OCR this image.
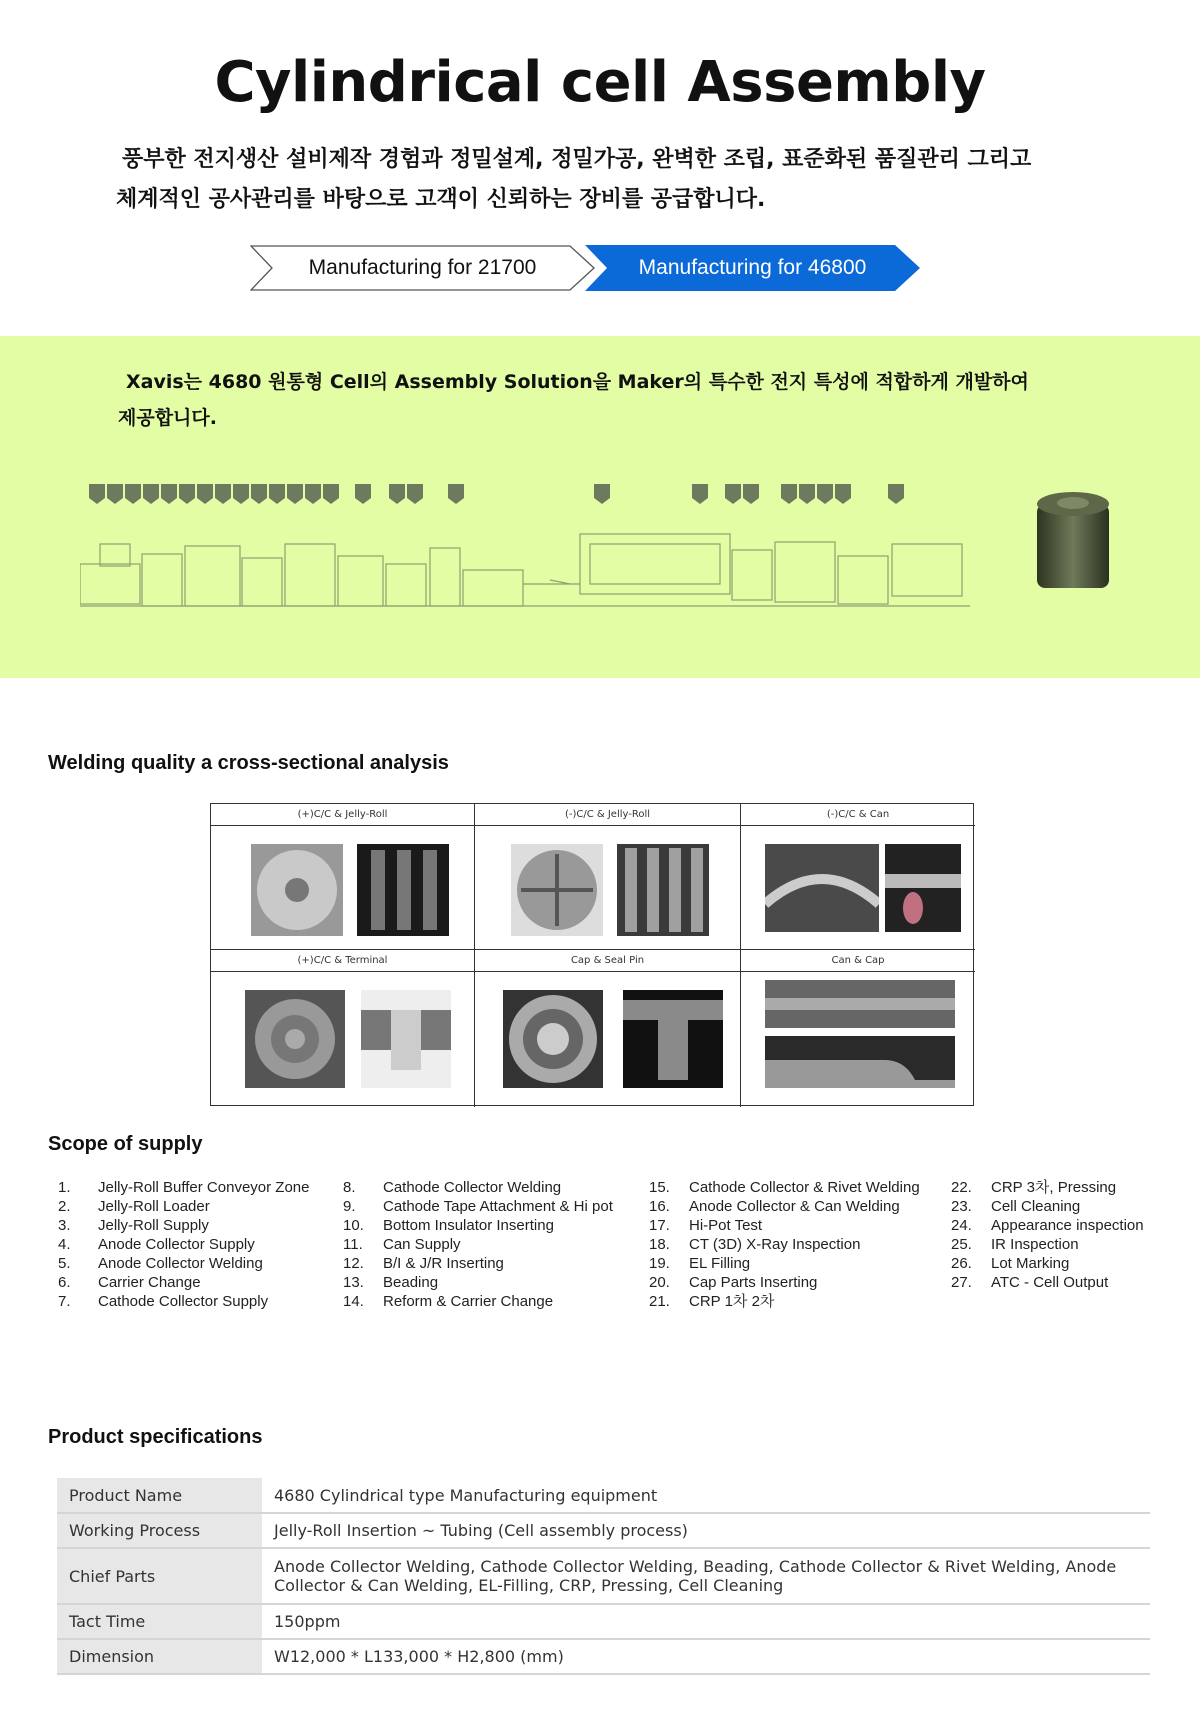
Cylindrical cell Assembly
풍부한 전지생산 설비제작 경험과 정밀설계, 정밀가공, 완벽한 조립, 표준화된 품질관리 그리고
체계적인 공사관리를 바탕으로 고객이 신뢰하는 장비를 공급합니다.
Manufacturing for 21700	Manufacturing for 46800
Xavis는 4680 원통형 Cell의 Assembly Solution을 Maker의 특수한 전지 특성에 적합하게 개발하여
제공합니다.
Welding quality a cross-sectional analysis
(+)C/C & Jelly-Roll	(-)C/C & Jelly-Roll	(-)C/C & Can
(+)C/C & Terminal	Cap & Seal Pin	Can & Cap
Scope of supply
1. Jelly-Roll Buffer Conveyor Zone
2. Jelly-Roll Loader
3. Jelly-Roll Supply
4. Anode Collector Supply
5. Anode Collector Welding
6. Carrier Change
7. Cathode Collector Supply
8. Cathode Collector Welding
9. Cathode Tape Attachment & Hi pot
10. Bottom Insulator Inserting
11. Can Supply
12. B/I & J/R Inserting
13. Beading
14. Reform & Carrier Change
15. Cathode Collector & Rivet Welding
16. Anode Collector & Can Welding
17. Hi-Pot Test
18. CT (3D) X-Ray Inspection
19. EL Filling
20. Cap Parts Inserting
21. CRP 1차 2차
22. CRP 3차, Pressing
23. Cell Cleaning
24. Appearance inspection
25. IR Inspection
26. Lot Marking
27. ATC - Cell Output
Product specifications
Product Name	4680 Cylindrical type Manufacturing equipment
Working Process	Jelly-Roll Insertion ~ Tubing (Cell assembly process)
Chief Parts	Anode Collector Welding, Cathode Collector Welding, Beading, Cathode Collector & Rivet Welding, Anode Collector & Can Welding, EL-Filling, CRP, Pressing, Cell Cleaning
Tact Time	150ppm
Dimension	W12,000 * L133,000 * H2,800 (mm)
